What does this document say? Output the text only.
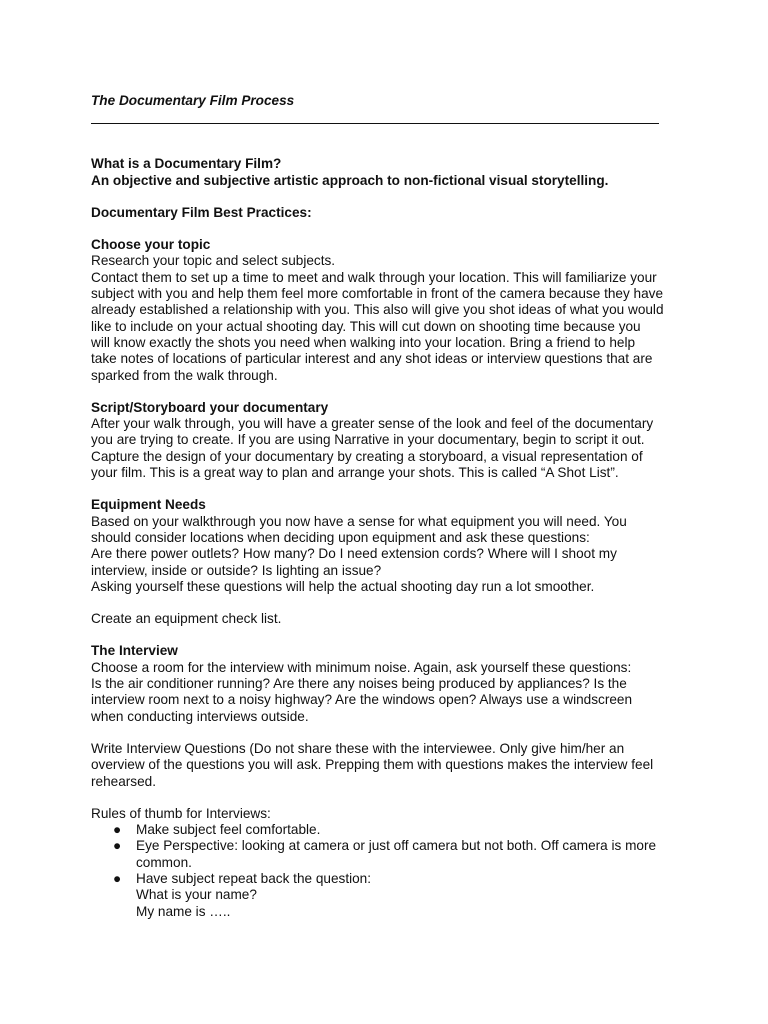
The Documentary Film Process

What is a Documentary Film?

An objective and subjective artistic approach to non-fictional visual storytelling.

Documentary Film Best Practices:

Choose your topic

Research your topic and select subjects.

Contact them to set up a time to meet and walk through your location. This will familiarize your

subject with you and help them feel more comfortable in front of the camera because they have

already established a relationship with you. This also will give you shot ideas of what you would

like to include on your actual shooting day. This will cut down on shooting time because you

will know exactly the shots you need when walking into your location. Bring a friend to help

take notes of locations of particular interest and any shot ideas or interview questions that are

sparked from the walk through.

Script/Storyboard your documentary

After your walk through, you will have a greater sense of the look and feel of the documentary

you are trying to create. If you are using Narrative in your documentary, begin to script it out.

Capture the design of your documentary by creating a storyboard, a visual representation of

your film. This is a great way to plan and arrange your shots. This is called “A Shot List”.

Equipment Needs

Based on your walkthrough you now have a sense for what equipment you will need. You

should consider locations when deciding upon equipment and ask these questions:

Are there power outlets? How many? Do I need extension cords? Where will I shoot my

interview, inside or outside? Is lighting an issue?

Asking yourself these questions will help the actual shooting day run a lot smoother.

Create an equipment check list.

The Interview

Choose a room for the interview with minimum noise. Again, ask yourself these questions:

Is the air conditioner running? Are there any noises being produced by appliances? Is the

interview room next to a noisy highway? Are the windows open? Always use a windscreen

when conducting interviews outside.

Write Interview Questions (Do not share these with the interviewee. Only give him/her an

overview of the questions you will ask. Prepping them with questions makes the interview feel

rehearsed.

Rules of thumb for Interviews:

● Make subject feel comfortable.

● Eye Perspective: looking at camera or just off camera but not both. Off camera is more

common.

● Have subject repeat back the question:

What is your name?

My name is …..
